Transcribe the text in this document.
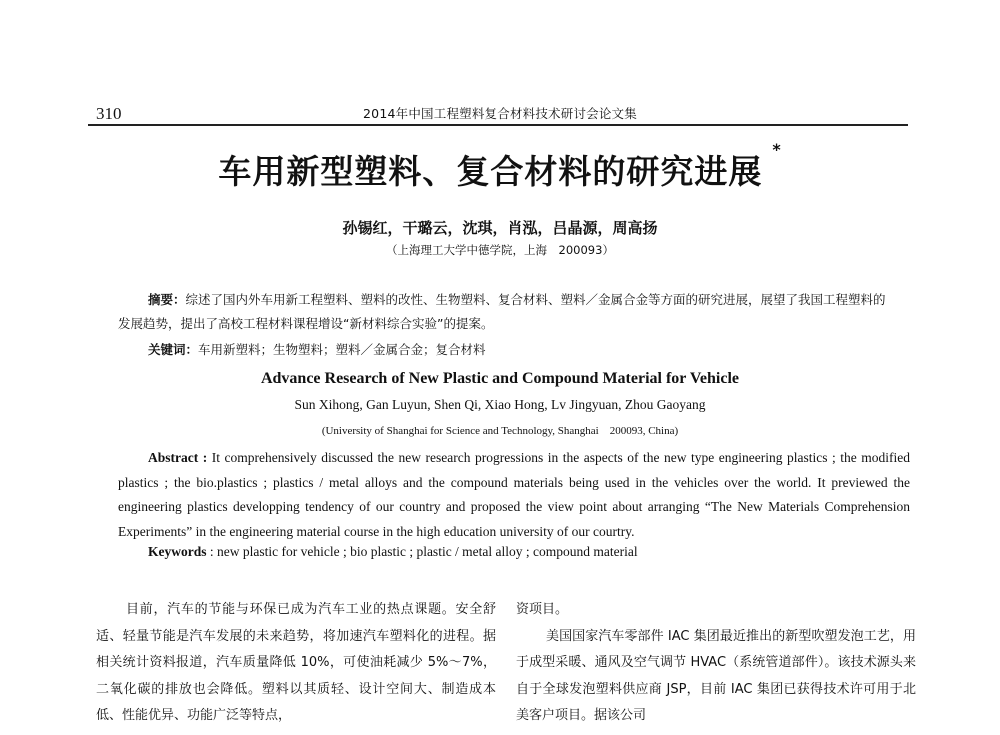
310	2014年中国工程塑料复合材料技术研讨会论文集
车用新型塑料、复合材料的研究进展*
孙锡红，干璐云，沈琪，肖泓，吕晶源，周高扬
（上海理工大学中德学院，上海　200093）
摘要：综述了国内外车用新工程塑料、塑料的改性、生物塑料、复合材料、塑料／金属合金等方面的研究进展，展望了我国工程塑料的发展趋势，提出了高校工程材料课程增设“新材料综合实验”的提案。
关键词：车用新塑料；生物塑料；塑料／金属合金；复合材料
Advance Research of New Plastic and Compound Material for Vehicle
Sun Xihong, Gan Luyun, Shen Qi, Xiao Hong, Lv Jingyuan, Zhou Gaoyang
(University of Shanghai for Science and Technology, Shanghai　200093, China)

Abstract : It comprehensively discussed the new research progressions in the aspects of the new type engineering plastics ; the modified plastics ; the bio.plastics ; plastics / metal alloys and the compound materials being used in the vehicles over the world. It previewed the engineering plastics developping tendency of our country and proposed the view point about arranging “The New Materials Comprehension Experiments” in the engineering material course in the high education university of our courtry.

Keywords : new plastic for vehicle ; bio plastic ; plastic / metal alloy ; compound material

目前，汽车的节能与环保已成为汽车工业的热点课题。安全舒适、轻量节能是汽车发展的未来趋势，将加速汽车塑料化的进程。据相关统计资料报道，汽车质量降低 10%，可使油耗减少 5%～7%，二氧化碳的排放也会降低。塑料以其质轻、设计空间大、制造成本低、性能优异、功能广泛等特点，

资项目。

美国国家汽车零部件 IAC 集团最近推出的新型吹塑发泡工艺，用于成型采暖、通风及空气调节 HVAC（系统管道部件）。该技术源头来自于全球发泡塑料供应商 JSP，目前 IAC 集团已获得技术许可用于北美客户项目。据该公司
